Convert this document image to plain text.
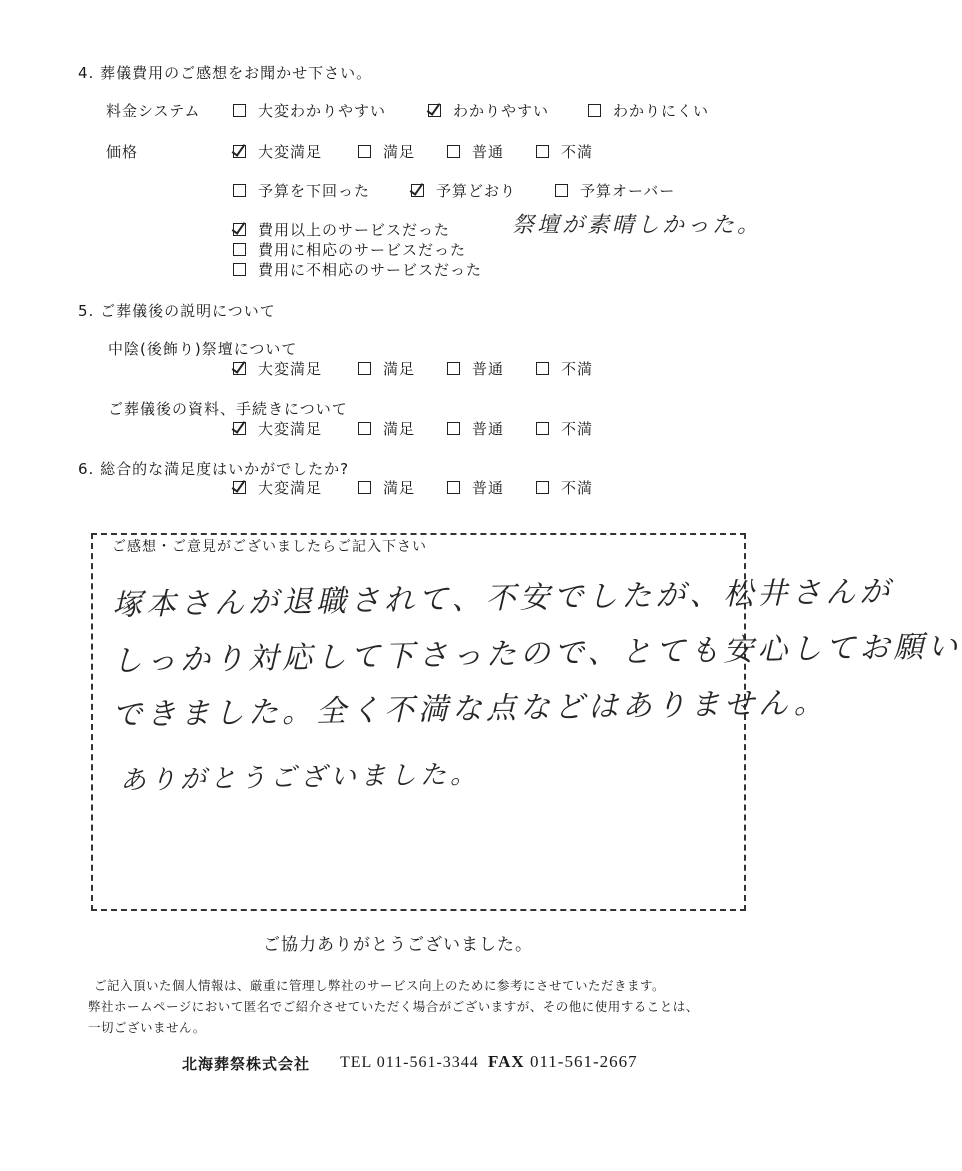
4. 葬儀費用のご感想をお聞かせ下さい。
料金システム	大変わかりやすい	わかりやすい	わかりにくい
価格	大変満足	満足	普通	不満
予算を下回った	予算どおり	予算オーバー
費用以上のサービスだった
費用に相応のサービスだった
費用に不相応のサービスだった
祭壇が素晴しかった。
5. ご葬儀後の説明について
中陰(後飾り)祭壇について
大変満足	満足	普通	不満
ご葬儀後の資料、手続きについて
大変満足	満足	普通	不満
6. 総合的な満足度はいかがでしたか?
大変満足	満足	普通	不満
ご感想・ご意見がございましたらご記入下さい
塚本さんが退職されて、不安でしたが、松井さんが
しっかり対応して下さったので、とても安心してお願い
できました。全く不満な点などはありません。
ありがとうございました。
ご協力ありがとうございました。
ご記入頂いた個人情報は、厳重に管理し弊社のサービス向上のために参考にさせていただきます。
弊社ホームページにおいて匿名でご紹介させていただく場合がございますが、その他に使用することは、
一切ございません。
北海葬祭株式会社 TEL 011-561-3344 FAX 011-561-2667
